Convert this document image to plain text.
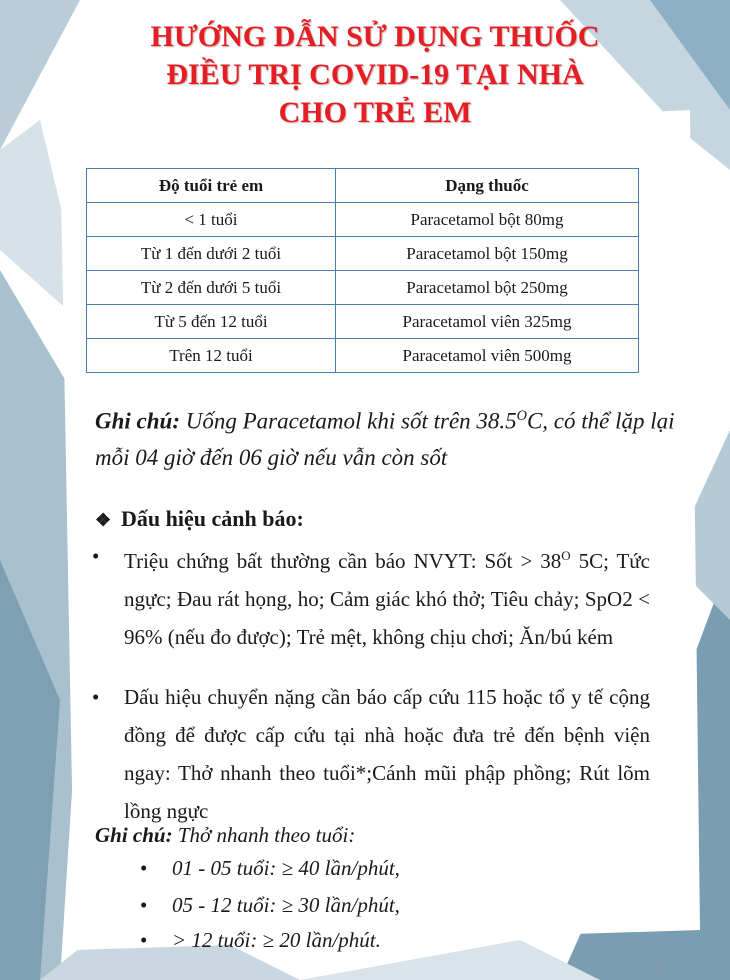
HƯỚNG DẪN SỬ DỤNG THUỐC
ĐIỀU TRỊ COVID-19 TẠI NHÀ
CHO TRẺ EM
Độ tuổi trẻ em	Dạng thuốc
< 1 tuổi	Paracetamol bột 80mg
Từ 1 đến dưới 2 tuổi	Paracetamol bột 150mg
Từ 2 đến dưới 5 tuổi	Paracetamol bột 250mg
Từ 5 đến 12 tuổi	Paracetamol viên 325mg
Trên 12 tuổi	Paracetamol viên 500mg
Ghi chú: Uống Paracetamol khi sốt trên $38.5^OC$, có thể lặp lại mỗi 04 giờ đến 06 giờ nếu vẫn còn sốt
❖ Dấu hiệu cảnh báo:
•	Triệu chứng bất thường cần báo NVYT: Sốt > $38^O$ 5C; Tức ngực; Đau rát họng, ho; Cảm giác khó thở; Tiêu chảy; SpO2 < 96% (nếu đo được); Trẻ mệt, không chịu chơi; Ăn/bú kém
•	Dấu hiệu chuyển nặng cần báo cấp cứu 115 hoặc tổ y tế cộng đồng để được cấp cứu tại nhà hoặc đưa trẻ đến bệnh viện ngay: Thở nhanh theo tuổi*;Cánh mũi phập phồng; Rút lõm lồng ngực
Ghi chú: Thở nhanh theo tuổi:
• 01 - 05 tuổi: ≥ 40 lần/phút,
• 05 - 12 tuổi: ≥ 30 lần/phút,
• > 12 tuổi: ≥ 20 lần/phút.
12
